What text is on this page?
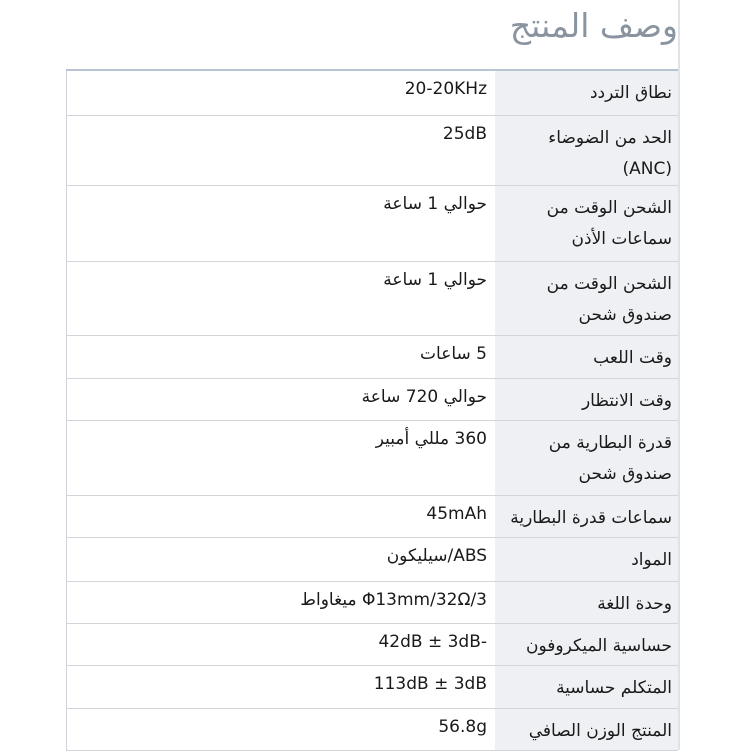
وصف المنتج
نطاق التردد	20-20KHz
الحد من الضوضاء (ANC)	25dB
الشحن الوقت من سماعات الأذن	حوالي 1 ساعة
الشحن الوقت من صندوق شحن	حوالي 1 ساعة
وقت اللعب	5 ساعات
وقت الانتظار	حوالي 720 ساعة
قدرة البطارية من صندوق شحن	360 مللي أمبير
سماعات قدرة البطارية	45mAh
المواد	ABS/سيليكون
وحدة اللغة	Φ13mm/32Ω/3 ميغاواط
حساسية الميكروفون	42dB ± 3dB-
المتكلم حساسية	113dB ± 3dB
المنتج الوزن الصافي	56.8g
